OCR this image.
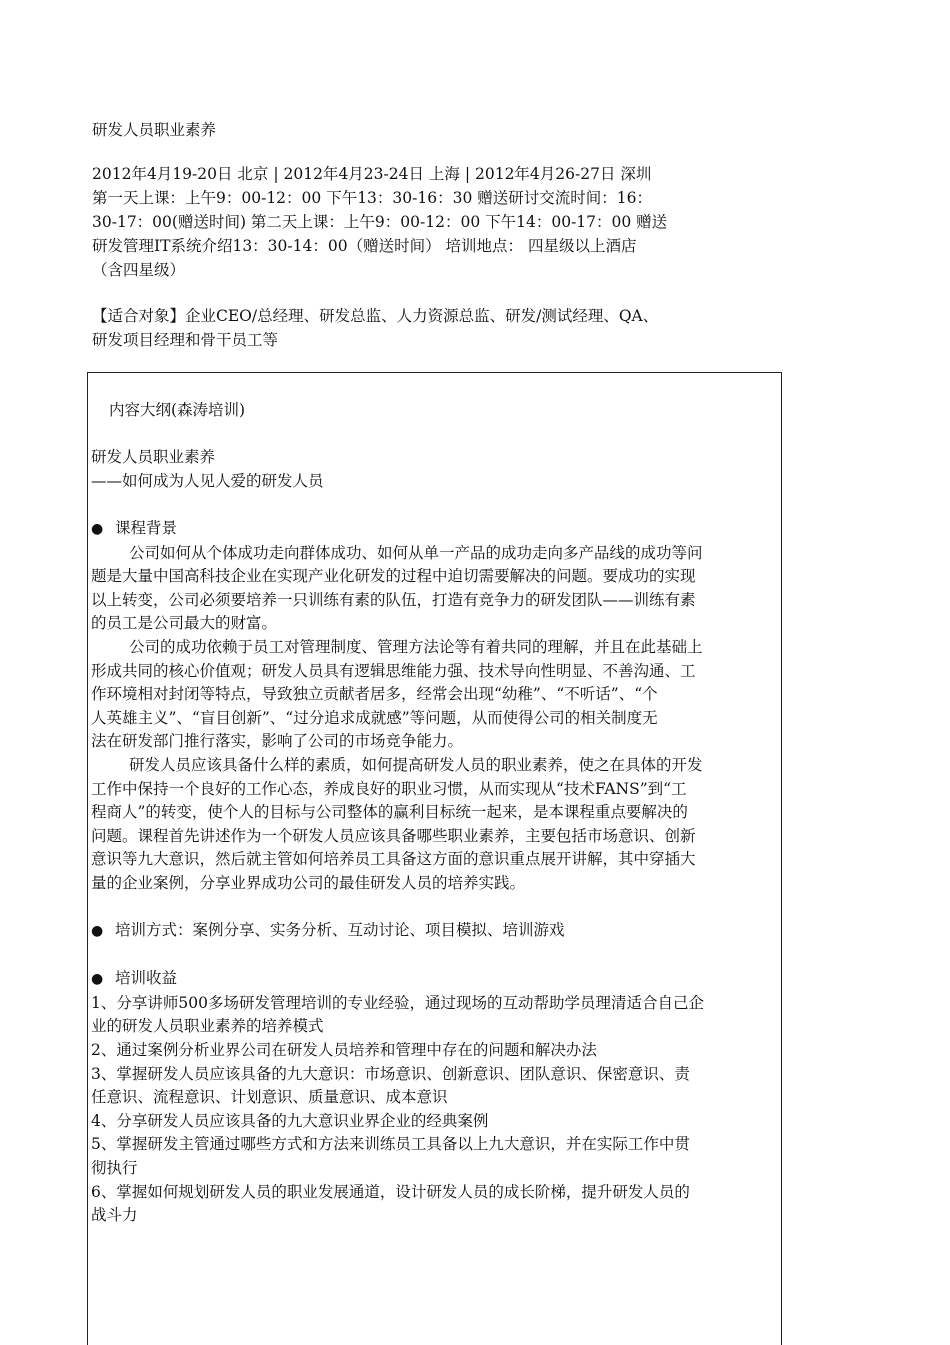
研发人员职业素养
2012年4月19-20日 北京 | 2012年4月23-24日 上海 | 2012年4月26-27日 深圳
第一天上课：上午9：00-12：00 下午13：30-16：30 赠送研讨交流时间：16：
30-17：00(赠送时间) 第二天上课：上午9：00-12：00 下午14：00-17：00 赠送
研发管理IT系统介绍13：30-14：00（赠送时间） 培训地点： 四星级以上酒店
（含四星级）
【适合对象】企业CEO/总经理、研发总监、人力资源总监、研发/测试经理、QA、
研发项目经理和骨干员工等
内容大纲(森涛培训)
研发人员职业素养
——如何成为人见人爱的研发人员
● 课程背景
公司如何从个体成功走向群体成功、如何从单一产品的成功走向多产品线的成功等问
题是大量中国高科技企业在实现产业化研发的过程中迫切需要解决的问题。要成功的实现
以上转变，公司必须要培养一只训练有素的队伍，打造有竞争力的研发团队——训练有素
的员工是公司最大的财富。
公司的成功依赖于员工对管理制度、管理方法论等有着共同的理解，并且在此基础上
形成共同的核心价值观；研发人员具有逻辑思维能力强、技术导向性明显、不善沟通、工
作环境相对封闭等特点，导致独立贡献者居多，经常会出现“幼稚”、“不听话”、“个
人英雄主义”、“盲目创新”、“过分追求成就感”等问题，从而使得公司的相关制度无
法在研发部门推行落实，影响了公司的市场竞争能力。
研发人员应该具备什么样的素质，如何提高研发人员的职业素养，使之在具体的开发
工作中保持一个良好的工作心态，养成良好的职业习惯，从而实现从“技术FANS”到“工
程商人”的转变，使个人的目标与公司整体的赢利目标统一起来，是本课程重点要解决的
问题。课程首先讲述作为一个研发人员应该具备哪些职业素养，主要包括市场意识、创新
意识等九大意识，然后就主管如何培养员工具备这方面的意识重点展开讲解，其中穿插大
量的企业案例，分享业界成功公司的最佳研发人员的培养实践。
● 培训方式：案例分享、实务分析、互动讨论、项目模拟、培训游戏
● 培训收益
1、分享讲师500多场研发管理培训的专业经验，通过现场的互动帮助学员理清适合自己企
业的研发人员职业素养的培养模式
2、通过案例分析业界公司在研发人员培养和管理中存在的问题和解决办法
3、掌握研发人员应该具备的九大意识：市场意识、创新意识、团队意识、保密意识、责
任意识、流程意识、计划意识、质量意识、成本意识
4、分享研发人员应该具备的九大意识业界企业的经典案例
5、掌握研发主管通过哪些方式和方法来训练员工具备以上九大意识，并在实际工作中贯
彻执行
6、掌握如何规划研发人员的职业发展通道，设计研发人员的成长阶梯，提升研发人员的
战斗力
